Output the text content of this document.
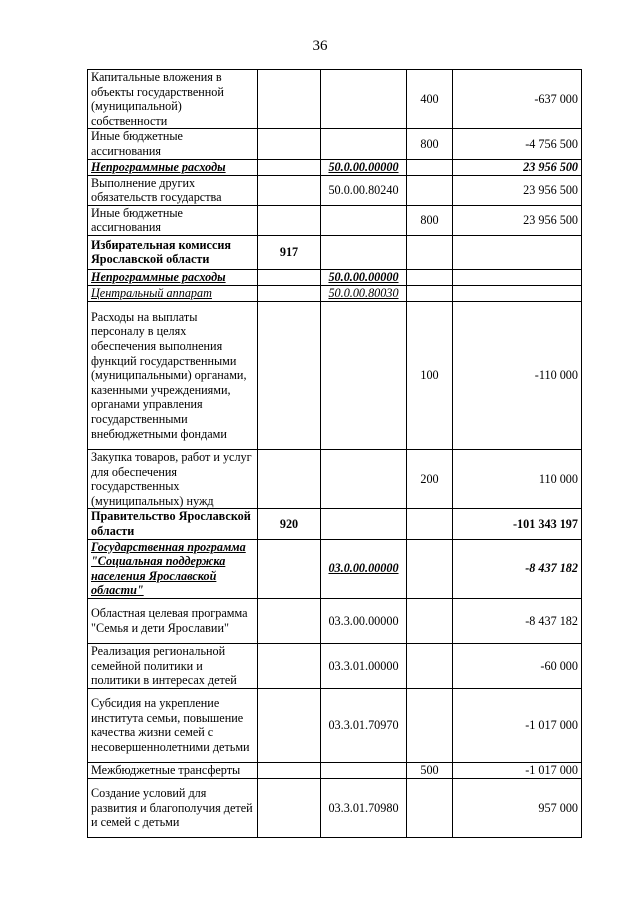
36
Капитальные вложения в объекты государственной (муниципальной) собственности			400	-637 000
Иные бюджетные ассигнования			800	-4 756 500
Непрограммные расходы		50.0.00.00000		23 956 500
Выполнение других обязательств государства		50.0.00.80240		23 956 500
Иные бюджетные ассигнования			800	23 956 500
Избирательная комиссия Ярославской области	917			
Непрограммные расходы		50.0.00.00000		
Центральный аппарат		50.0.00.80030		
Расходы на выплаты персоналу в целях обеспечения выполнения функций государственными (муниципальными) органами, казенными учреждениями, органами управления государственными внебюджетными фондами			100	-110 000
Закупка товаров, работ и услуг для обеспечения государственных (муниципальных) нужд			200	110 000
Правительство Ярославской области	920			-101 343 197
Государственная программа "Социальная поддержка населения Ярославской области"		03.0.00.00000		-8 437 182
Областная целевая программа "Семья и дети Ярославии"		03.3.00.00000		-8 437 182
Реализация региональной семейной политики и политики в интересах детей		03.3.01.00000		-60 000
Субсидия на укрепление института семьи, повышение качества жизни семей с несовершеннолетними детьми		03.3.01.70970		-1 017 000
Межбюджетные трансферты			500	-1 017 000
Создание условий для развития и благополучия детей и семей с детьми		03.3.01.70980		957 000
